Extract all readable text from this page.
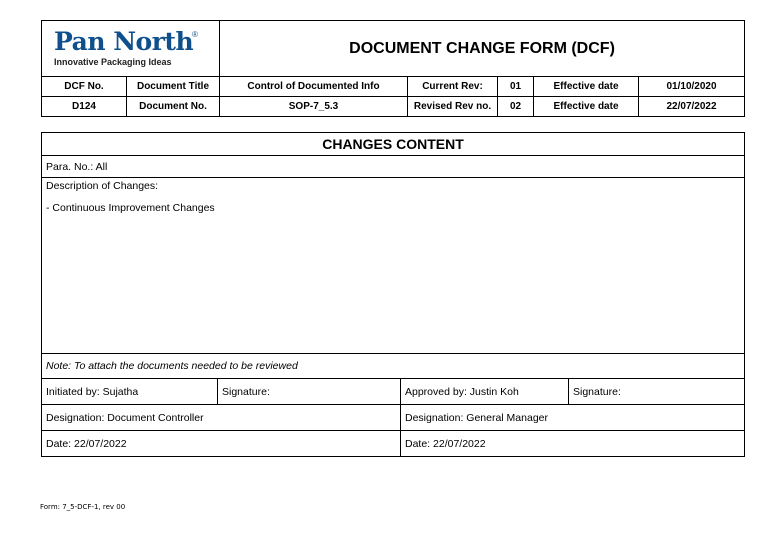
Pan North
®
Innovative Packaging Ideas		DOCUMENT CHANGE FORM (DCF)				
DCF No.	Document Title	Control of Documented Info	Current Rev:	01	Effective date	01/10/2020
D124	Document No.	SOP-7_5.3	Revised Rev no.	02	Effective date	22/07/2022
CHANGES CONTENT			
Para. No.: All			

Description of Changes:
- Continuous Improvement Changes			

Note: To attach the documents needed to be reviewed			
Initiated by: Sujatha	Signature:	Approved by: Justin Koh	Signature:
Designation: Document Controller		Designation: General Manager	
Date: 22/07/2022		Date: 22/07/2022	
Form: 7_5-DCF-1, rev 00
